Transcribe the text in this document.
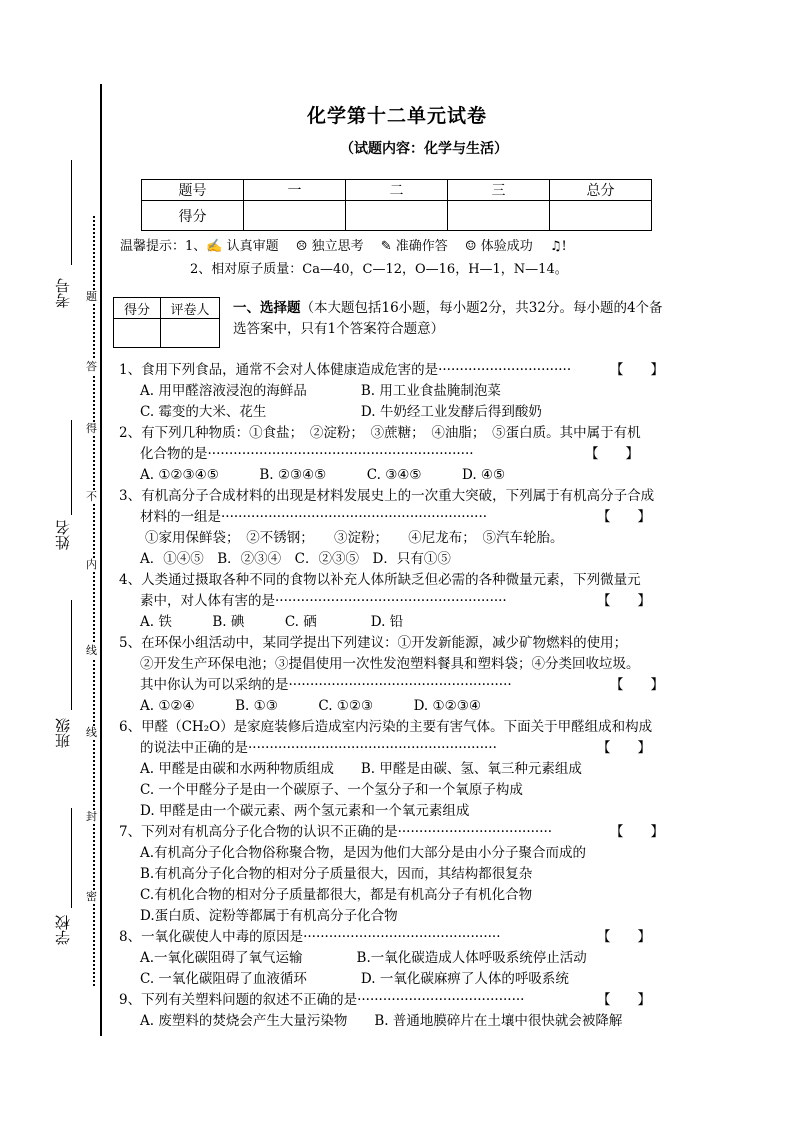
题
答
得
不
内
线
线
封
密
考号
姓名
班级
学校
化学第十二单元试卷
（试题内容：化学与生活）
题号	一	二	三	总分
得分				
温馨提示：1、✍ 认真审题　 ☹ 独立思考　 ✎ 准确作答　 ☺ 体验成功　 ♫!
2、相对原子质量：Ca—40，C—12，O—16，H—1，N—14。
得分	评卷人
	一、选择题（本大题包括16小题，每小题2分，共32分。每小题的4个备选答案中，只有1个答案符合题意）
1、食用下列食品，通常不会对人体健康造成危害的是·······························	【　　】
A. 用甲醛溶液浸泡的海鲜品　　　　B. 用工业食盐腌制泡菜
C. 霉变的大米、花生　　　　　　　D. 牛奶经工业发酵后得到酸奶
2、有下列几种物质：①食盐；　②淀粉；　③蔗糖；　④油脂；　⑤蛋白质。其中属于有机
化合物的是······························································	【　　】
A. ①②③④⑤　　　B. ②③④⑤　　　C. ③④⑤　　　D. ④⑤
3、有机高分子合成材料的出现是材料发展史上的一次重大突破，下列属于有机高分子合成
材料的一组是······························································	【　　】
①家用保鲜袋；　②不锈钢；　　③淀粉；　　④尼龙布；　⑤汽车轮胎。
A．①④⑤　B．②③④　C．②③⑤　D．只有①⑤
4、人类通过摄取各种不同的食物以补充人体所缺乏但必需的各种微量元素，下列微量元
素中，对人体有害的是······················································	【　　】
A. 铁　　　B. 碘　　　C. 硒　　　　D. 铅
5、在环保小组活动中，某同学提出下列建议：①开发新能源，减少矿物燃料的使用；
②开发生产环保电池；③提倡使用一次性发泡塑料餐具和塑料袋；④分类回收垃圾。
其中你认为可以采纳的是····················································	【　　】
A. ①②④　　　B. ①③　　　C. ①②③　　　D. ①②③④
6、甲醛（CH₂O）是家庭装修后造成室内污染的主要有害气体。下面关于甲醛组成和构成
的说法中正确的是··························································	【　　】
A. 甲醛是由碳和水两种物质组成　　B. 甲醛是由碳、氢、氧三种元素组成
C. 一个甲醛分子是由一个碳原子、一个氢分子和一个氧原子构成
D. 甲醛是由一个碳元素、两个氢元素和一个氧元素组成
7、下列对有机高分子化合物的认识不正确的是····································	【　　】
A.有机高分子化合物俗称聚合物，是因为他们大部分是由小分子聚合而成的
B.有机高分子化合物的相对分子质量很大，因而，其结构都很复杂
C.有机化合物的相对分子质量都很大，都是有机高分子有机化合物
D.蛋白质、淀粉等都属于有机高分子化合物
8、一氧化碳使人中毒的原因是··············································	【　　】
A.一氧化碳阻碍了氧气运输　　　　B.一氧化碳造成人体呼吸系统停止活动
C. 一氧化碳阻碍了血液循环　　　　D. 一氧化碳麻痹了人体的呼吸系统
9、下列有关塑料问题的叙述不正确的是·······································	【　　】
A. 废塑料的焚烧会产生大量污染物　　B. 普通地膜碎片在土壤中很快就会被降解
